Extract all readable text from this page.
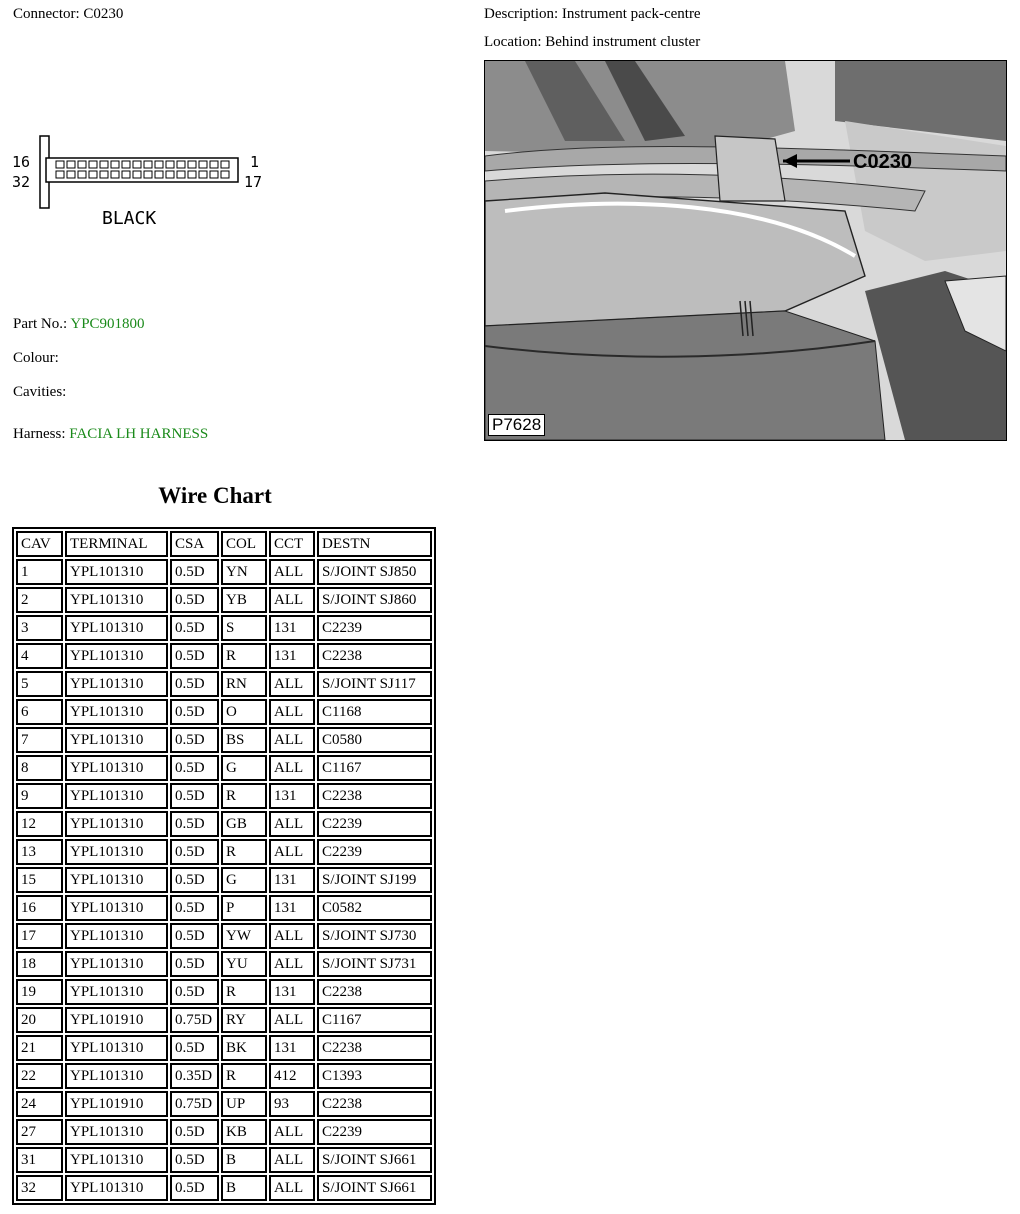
Connector: C0230	Description: Instrument pack-centre
Location: Behind instrument cluster
16
32
1
17
BLACK
Part No.: YPC901800
Colour:
Cavities:
Harness: FACIA LH HARNESS
C0230
P7628
Wire Chart
CAV	TERMINAL	CSA	COL	CCT	DESTN
1	YPL101310	0.5D	YN	ALL	S/JOINT SJ850
2	YPL101310	0.5D	YB	ALL	S/JOINT SJ860
3	YPL101310	0.5D	S	131	C2239
4	YPL101310	0.5D	R	131	C2238
5	YPL101310	0.5D	RN	ALL	S/JOINT SJ117
6	YPL101310	0.5D	O	ALL	C1168
7	YPL101310	0.5D	BS	ALL	C0580
8	YPL101310	0.5D	G	ALL	C1167
9	YPL101310	0.5D	R	131	C2238
12	YPL101310	0.5D	GB	ALL	C2239
13	YPL101310	0.5D	R	ALL	C2239
15	YPL101310	0.5D	G	131	S/JOINT SJ199
16	YPL101310	0.5D	P	131	C0582
17	YPL101310	0.5D	YW	ALL	S/JOINT SJ730
18	YPL101310	0.5D	YU	ALL	S/JOINT SJ731
19	YPL101310	0.5D	R	131	C2238
20	YPL101910	0.75D	RY	ALL	C1167
21	YPL101310	0.5D	BK	131	C2238
22	YPL101310	0.35D	R	412	C1393
24	YPL101910	0.75D	UP	93	C2238
27	YPL101310	0.5D	KB	ALL	C2239
31	YPL101310	0.5D	B	ALL	S/JOINT SJ661
32	YPL101310	0.5D	B	ALL	S/JOINT SJ661
